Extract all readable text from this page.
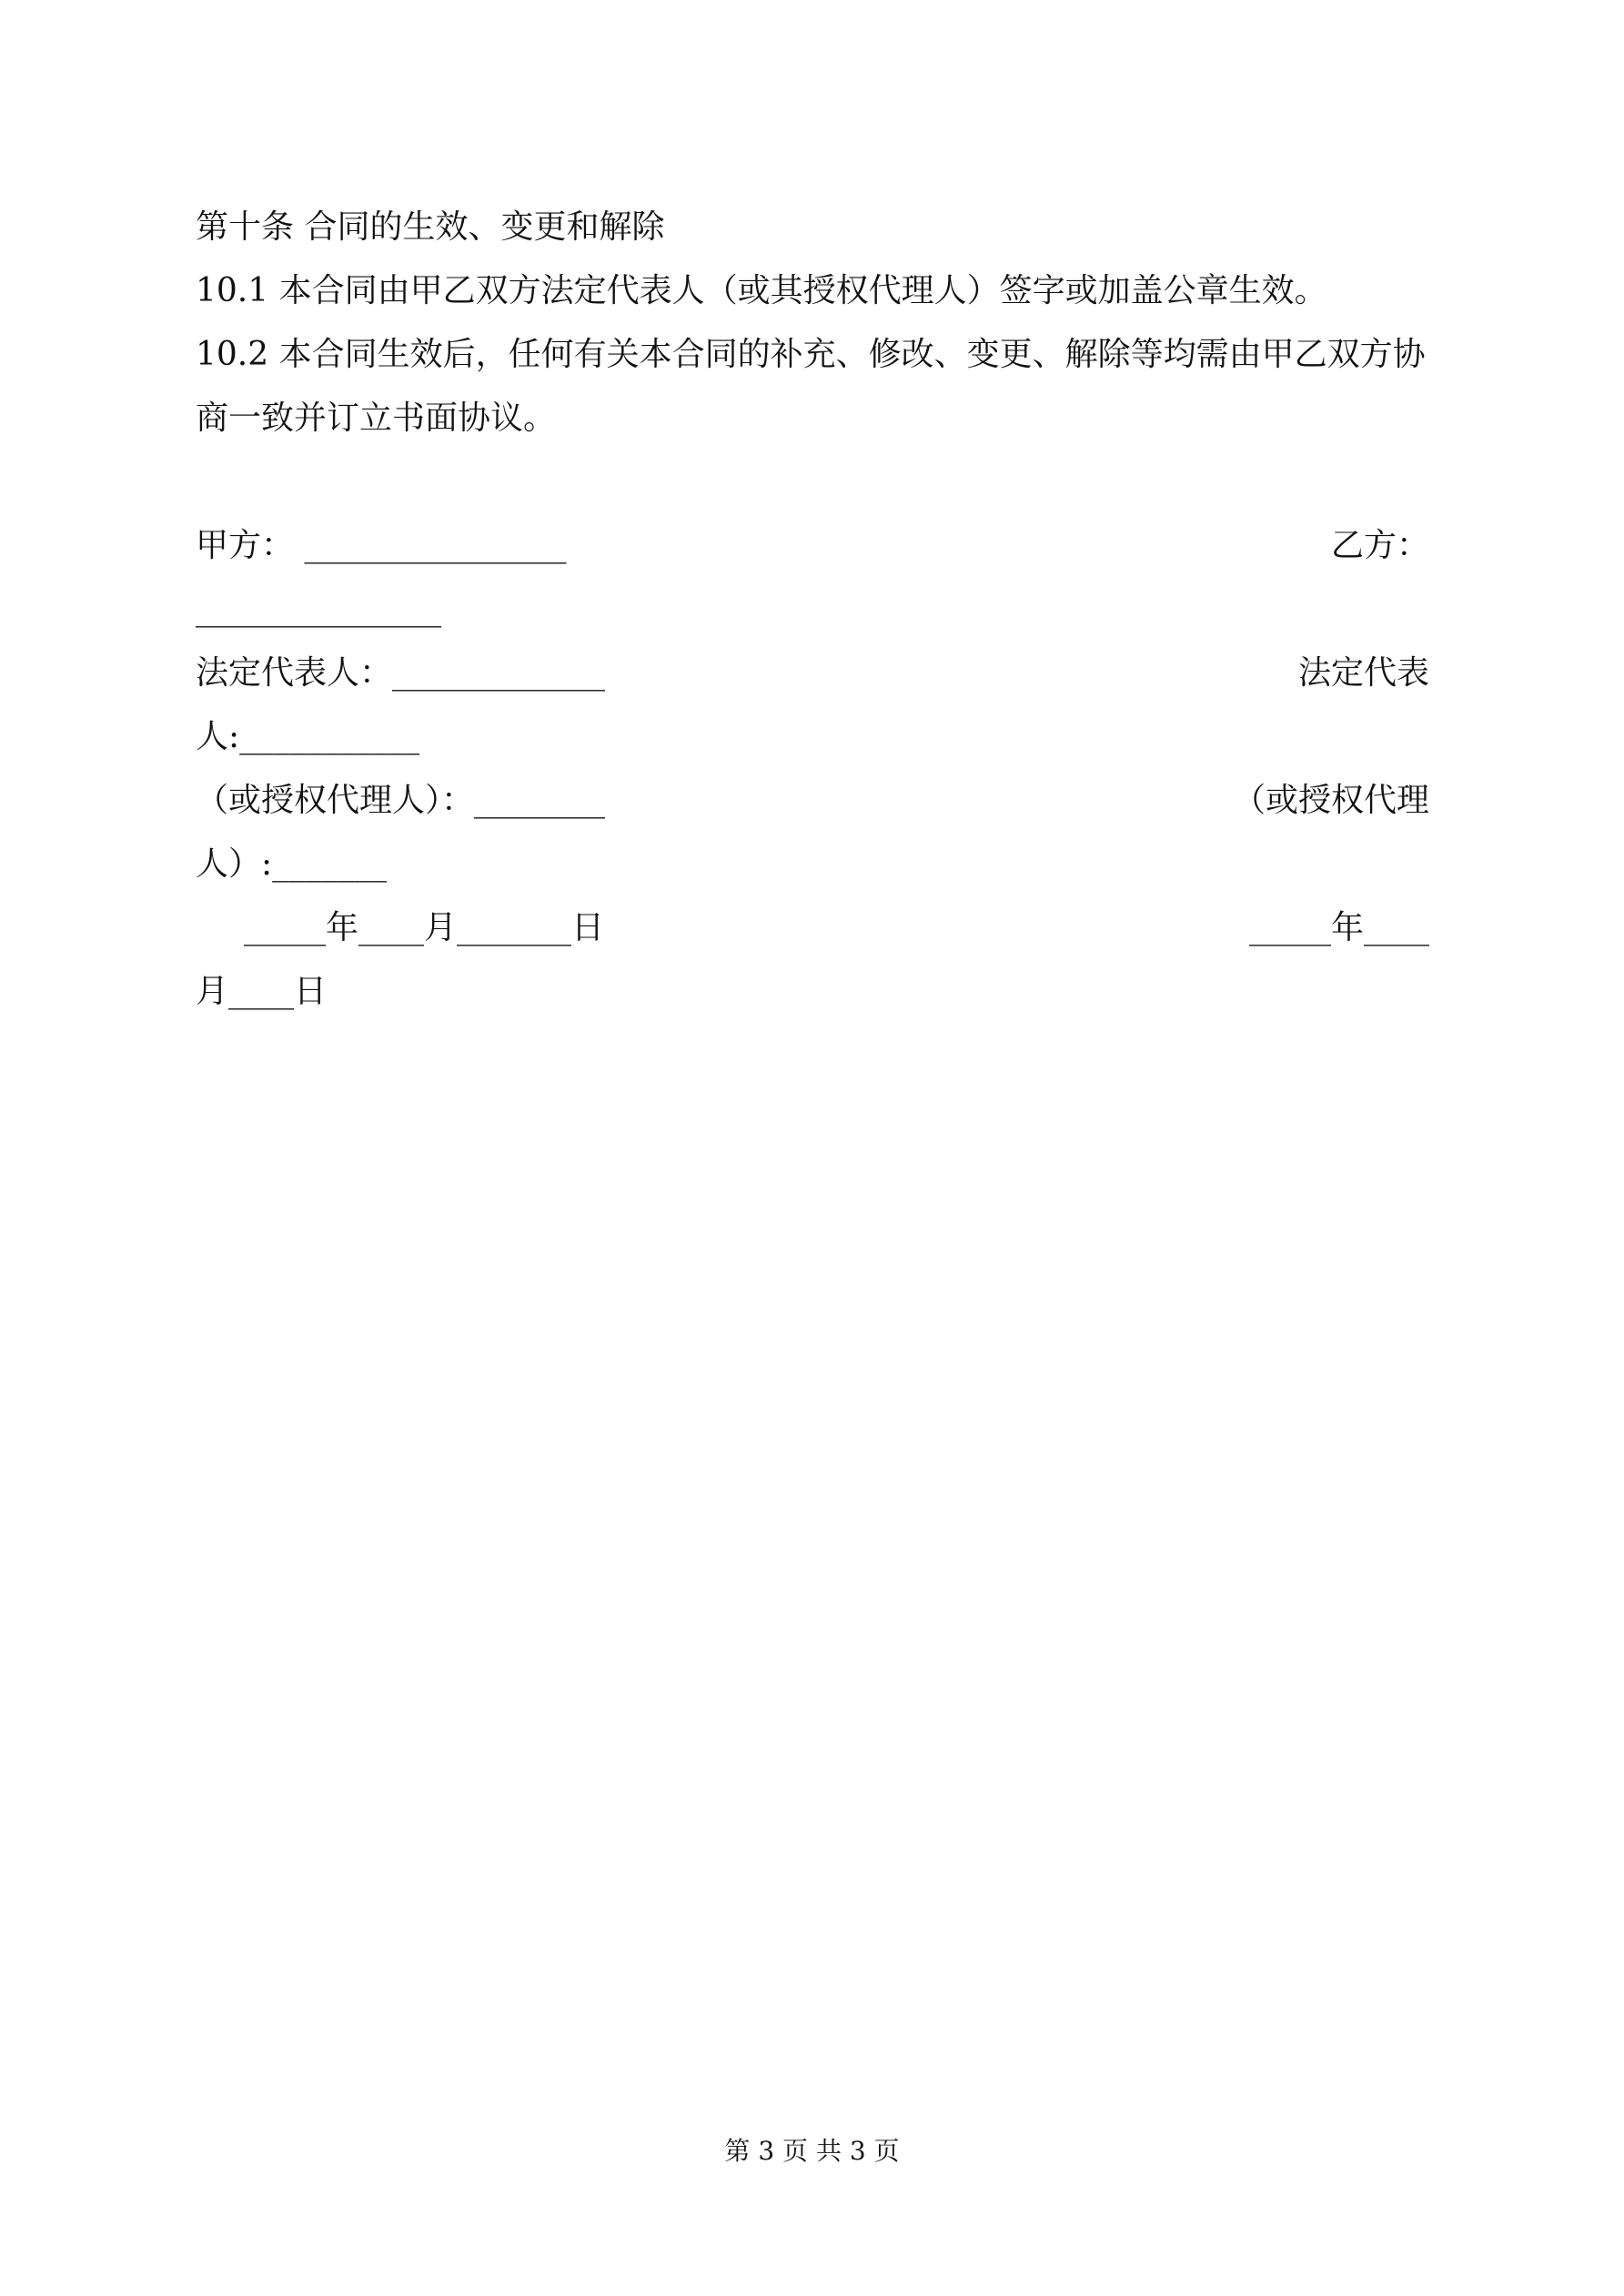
第十条 合同的生效、变更和解除
10.1 本合同由甲乙双方法定代表人（或其授权代理人）签字或加盖公章生效。
10.2 本合同生效后，任何有关本合同的补充、修改、变更、解除等均需由甲乙双方协
商一致并订立书面协议。
甲方： ________________	乙方：
_______________
法定代表人：_____________	法定代表
人:___________
（或授权代理人）：________	（或授权代理
人）:_______
_____年____月_______日	_____年____
月____日
第 3 页 共 3 页
